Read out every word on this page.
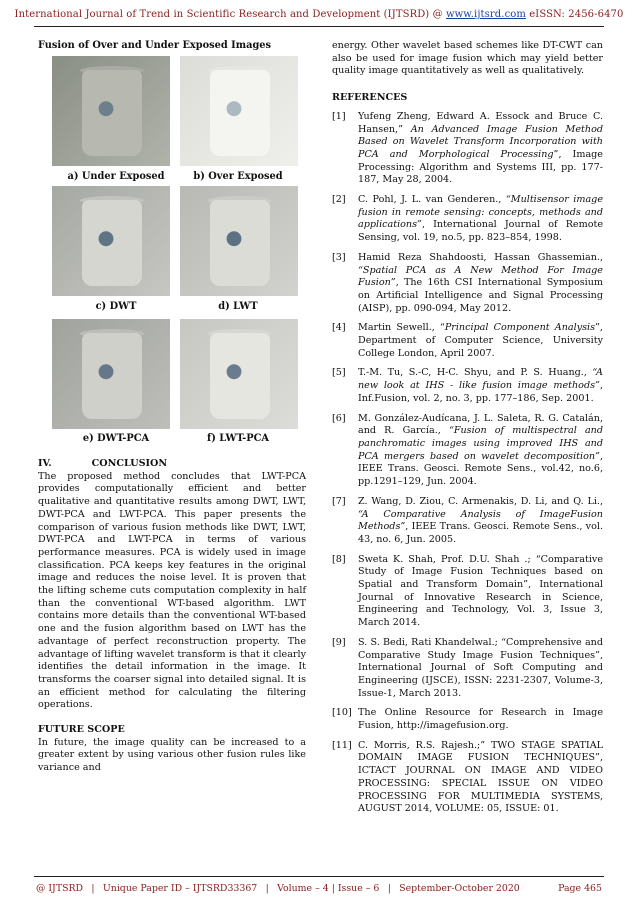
International Journal of Trend in Scientific Research and Development (IJTSRD) @ www.ijtsrd.com eISSN: 2456-6470
Fusion of Over and Under Exposed Images
a) Under Exposed	b) Over Exposed
c) DWT	d) LWT
e) DWT-PCA	f) LWT-PCA
IV.	CONCLUSION
The proposed method concludes that LWT-PCA provides computationally efficient and better qualitative and quantitative results among DWT, LWT, DWT-PCA and LWT-PCA. This paper presents the comparison of various fusion methods like DWT, LWT, DWT-PCA and LWT-PCA in terms of various performance measures. PCA is widely used in image classification. PCA keeps key features in the original image and reduces the noise level. It is proven that the lifting scheme cuts computation complexity in half than the conventional WT-based algorithm. LWT contains more details than the conventional WT-based one and the fusion algorithm based on LWT has the advantage of perfect reconstruction property. The advantage of lifting wavelet transform is that it clearly identifies the detail information in the image. It transforms the coarser signal into detailed signal. It is an efficient method for calculating the filtering operations.
FUTURE SCOPE
In future, the image quality can be increased to a greater extent by using various other fusion rules like variance and
energy. Other wavelet based schemes like DT-CWT can also be used for image fusion which may yield better quality image quantitatively as well as qualitatively.
REFERENCES
[1]	Yufeng Zheng, Edward A. Essock and Bruce C. Hansen,” An Advanced Image Fusion Method Based on Wavelet Transform Incorporation with PCA and Morphological Processing”, Image Processing: Algorithm and Systems III, pp. 177-187, May 28, 2004.
[2]	C. Pohl, J. L. van Genderen., “Multisensor image fusion in remote sensing: concepts, methods and applications”, International Journal of Remote Sensing, vol. 19, no.5, pp. 823–854, 1998.
[3]	Hamid Reza Shahdoosti, Hassan Ghassemian., “Spatial PCA as A New Method For Image Fusion”, The 16th CSI International Symposium on Artificial Intelligence and Signal Processing (AISP), pp. 090-094, May 2012.
[4]	Martin Sewell., “Principal Component Analysis”, Department of Computer Science, University College London, April 2007.
[5]	T.-M. Tu, S.-C, H-C. Shyu, and P. S. Huang., “A new look at IHS - like fusion image methods”, Inf.Fusion, vol. 2, no. 3, pp. 177–186, Sep. 2001.
[6]	M. González-Audícana, J. L. Saleta, R. G. Catalán, and R. García., “Fusion of multispectral and panchromatic images using improved IHS and PCA mergers based on wavelet decomposition”, IEEE Trans. Geosci. Remote Sens., vol.42, no.6, pp.1291–129, Jun. 2004.
[7]	Z. Wang, D. Ziou, C. Armenakis, D. Li, and Q. Li., “A Comparative Analysis of ImageFusion Methods”, IEEE Trans. Geosci. Remote Sens., vol. 43, no. 6, Jun. 2005.
[8]	Sweta K. Shah, Prof. D.U. Shah .; “Comparative Study of Image Fusion Techniques based on Spatial and Transform Domain”, International Journal of Innovative Research in Science, Engineering and Technology, Vol. 3, Issue 3, March 2014.
[9]	S. S. Bedi, Rati Khandelwal.; “Comprehensive and Comparative Study Image Fusion Techniques”, International Journal of Soft Computing and Engineering (IJSCE), ISSN: 2231-2307, Volume-3, Issue-1, March 2013.
[10] The Online Resource for Research in Image Fusion, http://imagefusion.org.
[11] C. Morris, R.S. Rajesh.;” TWO STAGE SPATIAL DOMAIN IMAGE FUSION TECHNIQUES”, ICTACT JOURNAL ON IMAGE AND VIDEO PROCESSING: SPECIAL ISSUE ON VIDEO PROCESSING FOR MULTIMEDIA SYSTEMS, AUGUST 2014, VOLUME: 05, ISSUE: 01.
@ IJTSRD | Unique Paper ID – IJTSRD33367 | Volume – 4 | Issue – 6 | September-October 2020	Page 465
